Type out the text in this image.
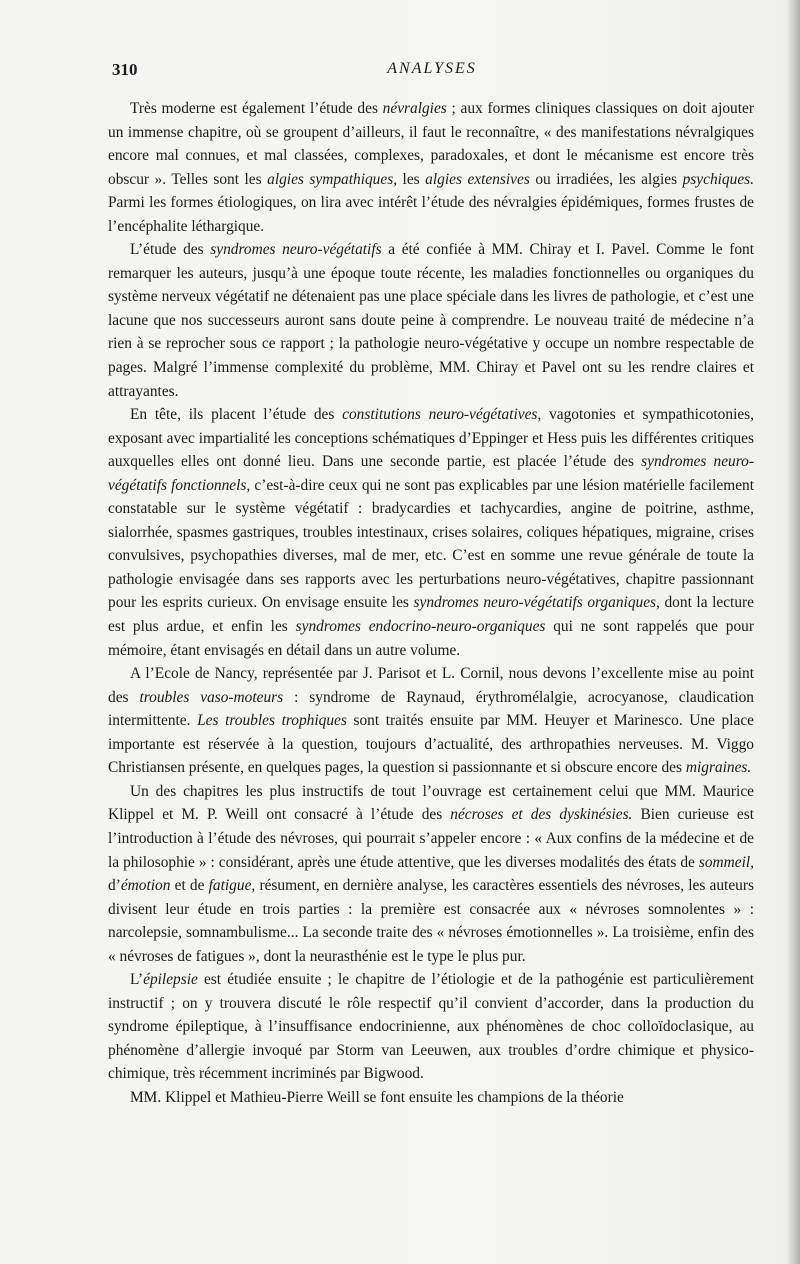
310	ANALYSES

Très moderne est également l’étude des névralgies ; aux formes cliniques classiques on doit ajouter un immense chapitre, où se groupent d’ailleurs, il faut le reconnaître, « des manifestations névralgiques encore mal connues, et mal classées, complexes, paradoxales, et dont le mécanisme est encore très obscur ». Telles sont les algies sympathiques, les algies extensives ou irradiées, les algies psychiques. Parmi les formes étiologiques, on lira avec intérêt l’étude des névralgies épidémiques, formes frustes de l’encéphalite léthargique.

L’étude des syndromes neuro-végétatifs a été confiée à MM. Chiray et I. Pavel. Comme le font remarquer les auteurs, jusqu’à une époque toute récente, les maladies fonctionnelles ou organiques du système nerveux végétatif ne détenaient pas une place spéciale dans les livres de pathologie, et c’est une lacune que nos successeurs auront sans doute peine à comprendre. Le nouveau traité de médecine n’a rien à se reprocher sous ce rapport ; la pathologie neuro-végétative y occupe un nombre respectable de pages. Malgré l’immense complexité du problème, MM. Chiray et Pavel ont su les rendre claires et attrayantes.

En tête, ils placent l’étude des constitutions neuro-végétatives, vagotonies et sympathicotonies, exposant avec impartialité les conceptions schématiques d’Eppinger et Hess puis les différentes critiques auxquelles elles ont donné lieu. Dans une seconde partie, est placée l’étude des syndromes neuro-végétatifs fonctionnels, c’est-à-dire ceux qui ne sont pas explicables par une lésion matérielle facilement constatable sur le système végétatif : bradycardies et tachycardies, angine de poitrine, asthme, sialorrhée, spasmes gastriques, troubles intestinaux, crises solaires, coliques hépatiques, migraine, crises convulsives, psychopathies diverses, mal de mer, etc. C’est en somme une revue générale de toute la pathologie envisagée dans ses rapports avec les perturbations neuro-végétatives, chapitre passionnant pour les esprits curieux. On envisage ensuite les syndromes neuro-végétatifs organiques, dont la lecture est plus ardue, et enfin les syndromes endocrino-neuro-organiques qui ne sont rappelés que pour mémoire, étant envisagés en détail dans un autre volume.

A l’Ecole de Nancy, représentée par J. Parisot et L. Cornil, nous devons l’excellente mise au point des troubles vaso-moteurs : syndrome de Raynaud, érythromélalgie, acrocyanose, claudication intermittente. Les troubles trophiques sont traités ensuite par MM. Heuyer et Marinesco. Une place importante est réservée à la question, toujours d’actualité, des arthropathies nerveuses. M. Viggo Christiansen présente, en quelques pages, la question si passionnante et si obscure encore des migraines.

Un des chapitres les plus instructifs de tout l’ouvrage est certainement celui que MM. Maurice Klippel et M. P. Weill ont consacré à l’étude des nécroses et des dyskinésies. Bien curieuse est l’introduction à l’étude des névroses, qui pourrait s’appeler encore : « Aux confins de la médecine et de la philosophie » : considérant, après une étude attentive, que les diverses modalités des états de sommeil, d’émotion et de fatigue, résument, en dernière analyse, les caractères essentiels des névroses, les auteurs divisent leur étude en trois parties : la première est consacrée aux « névroses somnolentes » : narcolepsie, somnambulisme... La seconde traite des « névroses émotionnelles ». La troisième, enfin des « névroses de fatigues », dont la neurasthénie est le type le plus pur.

L’épilepsie est étudiée ensuite ; le chapitre de l’étiologie et de la pathogénie est particulièrement instructif ; on y trouvera discuté le rôle respectif qu’il convient d’accorder, dans la production du syndrome épileptique, à l’insuffisance endocrinienne, aux phénomènes de choc colloïdoclasique, au phénomène d’allergie invoqué par Storm van Leeuwen, aux troubles d’ordre chimique et physico-chimique, très récemment incriminés par Bigwood.

MM. Klippel et Mathieu-Pierre Weill se font ensuite les champions de la théorie
